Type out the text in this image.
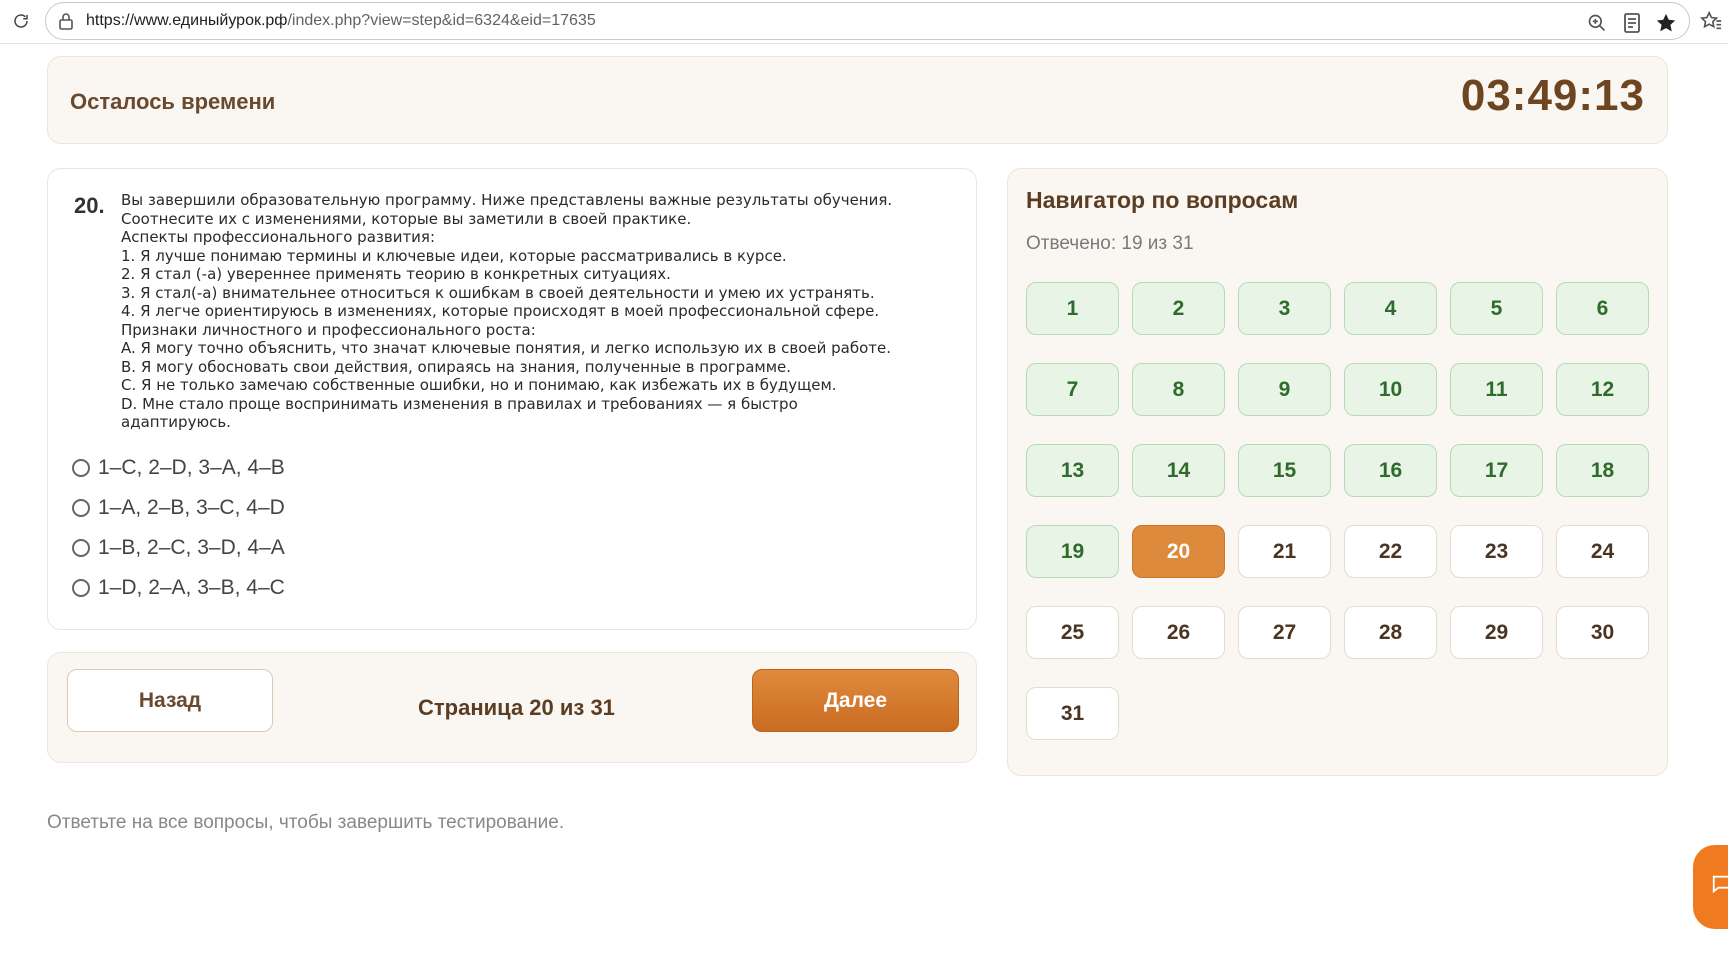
https://www.единыйурок.рф/index.php?view=step&id=6324&eid=17635
Осталось времени	03:49:13
20. Вы завершили образовательную программу. Ниже представлены важные результаты обучения.
Соотнесите их с изменениями, которые вы заметили в своей практике.
Аспекты профессионального развития:
1. Я лучше понимаю термины и ключевые идеи, которые рассматривались в курсе.
2. Я стал (-а) увереннее применять теорию в конкретных ситуациях.
3. Я стал(-а) внимательнее относиться к ошибкам в своей деятельности и умею их устранять.
4. Я легче ориентируюсь в изменениях, которые происходят в моей профессиональной сфере.
Признаки личностного и профессионального роста:
A. Я могу точно объяснить, что значат ключевые понятия, и легко использую их в своей работе.
B. Я могу обосновать свои действия, опираясь на знания, полученные в программе.
C. Я не только замечаю собственные ошибки, но и понимаю, как избежать их в будущем.
D. Мне стало проще воспринимать изменения в правилах и требованиях — я быстро
адаптируюсь.
1–C, 2–D, 3–A, 4–B
1–A, 2–B, 3–C, 4–D
1–B, 2–C, 3–D, 4–A
1–D, 2–A, 3–B, 4–C
Назад	Страница 20 из 31	Далее
Навигатор по вопросам
Отвечено: 19 из 31
1	2	3	4	5	6
7	8	9	10	11	12
13	14	15	16	17	18
19	20	21	22	23	24
25	26	27	28	29	30
31
Ответьте на все вопросы, чтобы завершить тестирование.
